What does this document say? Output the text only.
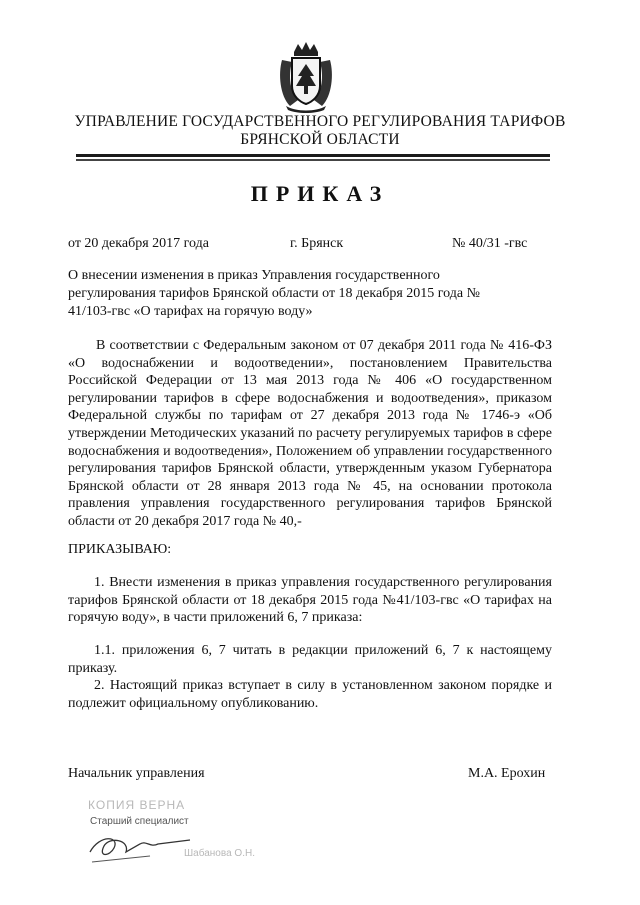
УПРАВЛЕНИЕ ГОСУДАРСТВЕННОГО РЕГУЛИРОВАНИЯ ТАРИФОВ
БРЯНСКОЙ ОБЛАСТИ
ПРИКАЗ
от 20 декабря 2017 года	г. Брянск	№ 40/31 -гвс
О внесении изменения в приказ Управления государственного регулирования тарифов Брянской области от 18 декабря 2015 года № 41/103-гвс «О тарифах на горячую воду»
В соответствии с Федеральным законом от 07 декабря 2011 года № 416-ФЗ «О водоснабжении и водоотведении», постановлением Правительства Российской Федерации от 13 мая 2013 года № 406 «О государственном регулировании тарифов в сфере водоснабжения и водоотведения», приказом Федеральной службы по тарифам от 27 декабря 2013 года № 1746-э «Об утверждении Методических указаний по расчету регулируемых тарифов в сфере водоснабжения и водоотведения», Положением об управлении государственного регулирования тарифов Брянской области, утвержденным указом Губернатора Брянской области от 28 января 2013 года № 45, на основании протокола правления управления государственного регулирования тарифов Брянской области от 20 декабря 2017 года № 40,-
ПРИКАЗЫВАЮ:
1. Внести изменения в приказ управления государственного регулирования тарифов Брянской области от 18 декабря 2015 года №41/103-гвс «О тарифах на горячую воду», в части приложений 6, 7 приказа:
1.1. приложения 6, 7 читать в редакции приложений 6, 7 к настоящему приказу.
2. Настоящий приказ вступает в силу в установленном законом порядке и подлежит официальному опубликованию.
Начальник управления	М.А. Ерохин
КОПИЯ ВЕРНА
Старший специалист
Шабанова О.Н.
